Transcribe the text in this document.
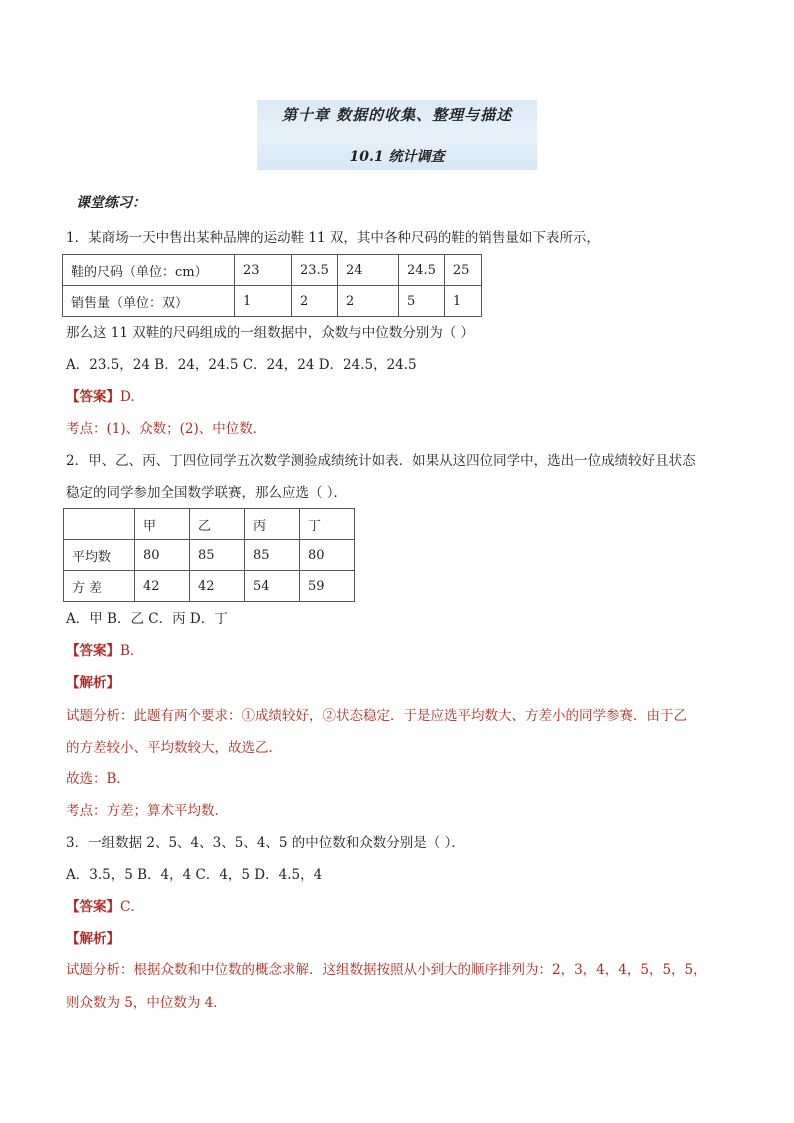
第十章 数据的收集、整理与描述
10.1 统计调查
课堂练习：
1．某商场一天中售出某种品牌的运动鞋 11 双，其中各种尺码的鞋的销售量如下表所示，
鞋的尺码（单位：cm）	23	23.5	24	24.5	25
销售量（单位：双）	1	2	2	5	1
那么这 11 双鞋的尺码组成的一组数据中，众数与中位数分别为（ ）
A．23.5，24 B．24，24.5 C．24，24 D．24.5，24.5
【答案】D.
考点：(1)、众数；(2)、中位数．
2．甲、乙、丙、丁四位同学五次数学测验成绩统计如表．如果从这四位同学中，选出一位成绩较好且状态
稳定的同学参加全国数学联赛，那么应选（ ）．
	甲	乙	丙	丁
平均数	80	85	85	80
方 差	42	42	54	59
A．甲 B．乙 C．丙 D．丁
【答案】B．
【解析】
试题分析：此题有两个要求：①成绩较好，②状态稳定．于是应选平均数大、方差小的同学参赛．由于乙
的方差较小、平均数较大，故选乙．
故选：B．
考点：方差；算术平均数．
3．一组数据 2、5、4、3、5、4、5 的中位数和众数分别是（ ）．
A．3.5，5 B．4，4 C．4，5 D．4.5，4
【答案】C．
【解析】
试题分析：根据众数和中位数的概念求解．这组数据按照从小到大的顺序排列为：2，3，4，4，5，5，5，
则众数为 5，中位数为 4．
